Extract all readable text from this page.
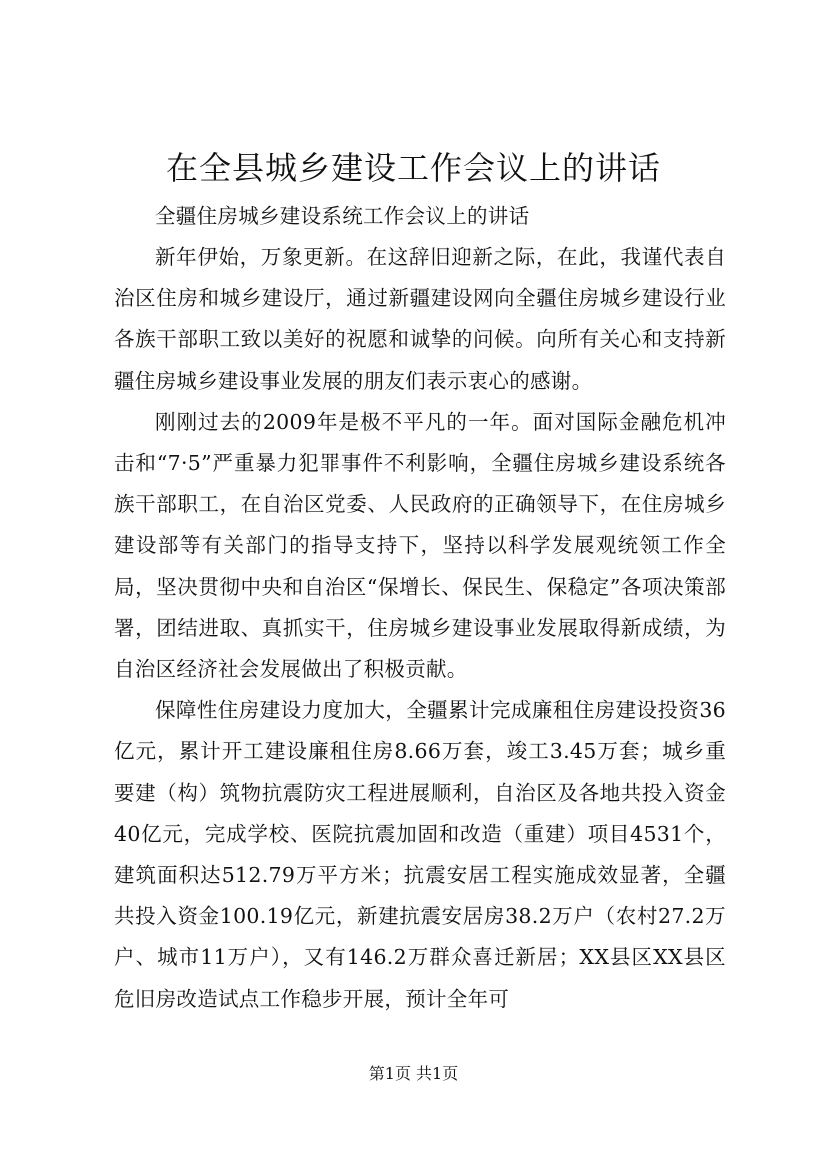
在全县城乡建设工作会议上的讲话

全疆住房城乡建设系统工作会议上的讲话

新年伊始，万象更新。在这辞旧迎新之际，在此，我谨代表自治区住房和城乡建设厅，通过新疆建设网向全疆住房城乡建设行业各族干部职工致以美好的祝愿和诚挚的问候。向所有关心和支持新疆住房城乡建设事业发展的朋友们表示衷心的感谢。

刚刚过去的2009年是极不平凡的一年。面对国际金融危机冲击和“7·5”严重暴力犯罪事件不利影响，全疆住房城乡建设系统各族干部职工，在自治区党委、人民政府的正确领导下，在住房城乡建设部等有关部门的指导支持下，坚持以科学发展观统领工作全局，坚决贯彻中央和自治区“保增长、保民生、保稳定”各项决策部署，团结进取、真抓实干，住房城乡建设事业发展取得新成绩，为自治区经济社会发展做出了积极贡献。

保障性住房建设力度加大，全疆累计完成廉租住房建设投资36亿元，累计开工建设廉租住房8.66万套，竣工3.45万套；城乡重要建（构）筑物抗震防灾工程进展顺利，自治区及各地共投入资金40亿元，完成学校、医院抗震加固和改造（重建）项目4531个，建筑面积达512.79万平方米；抗震安居工程实施成效显著，全疆共投入资金100.19亿元，新建抗震安居房38.2万户（农村27.2万户、城市11万户），又有146.2万群众喜迁新居；XX县区XX县区危旧房改造试点工作稳步开展，预计全年可

第1页 共1页
